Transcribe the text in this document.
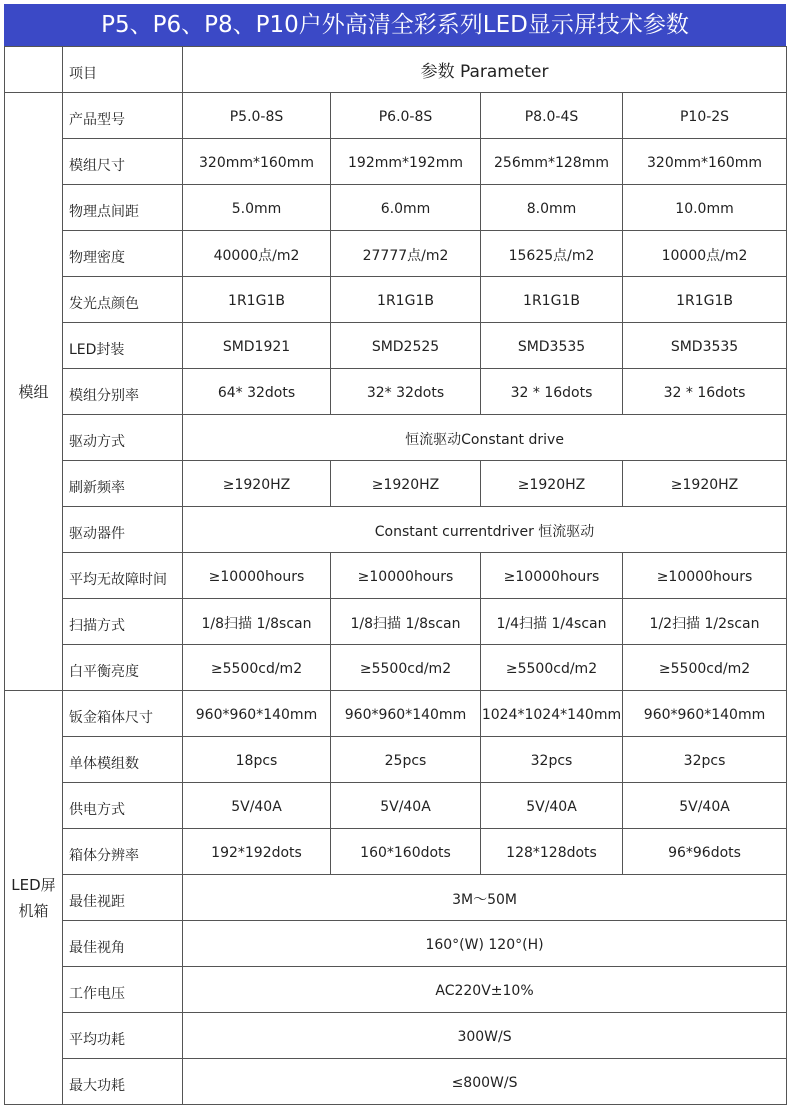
P5、P6、P8、P10户外高清全彩系列LED显示屏技术参数
	项目	参数 Parameter			
模组	产品型号	P5.0-8S	P6.0-8S	P8.0-4S	P10-2S
	模组尺寸	320mm*160mm	192mm*192mm	256mm*128mm	320mm*160mm
	物理点间距	5.0mm	6.0mm	8.0mm	10.0mm
	物理密度	40000点/m2	27777点/m2	15625点/m2	10000点/m2
	发光点颜色	1R1G1B	1R1G1B	1R1G1B	1R1G1B
	LED封装	SMD1921	SMD2525	SMD3535	SMD3535
	模组分别率	64* 32dots	32* 32dots	32 * 16dots	32 * 16dots
	驱动方式	恒流驱动Constant drive			
	刷新频率	≥1920HZ	≥1920HZ	≥1920HZ	≥1920HZ
	驱动器件	Constant currentdriver 恒流驱动			
	平均无故障时间	≥10000hours	≥10000hours	≥10000hours	≥10000hours
	扫描方式	1/8扫描 1/8scan	1/8扫描 1/8scan	1/4扫描 1/4scan	1/2扫描 1/2scan
	白平衡亮度	≥5500cd/m2	≥5500cd/m2	≥5500cd/m2	≥5500cd/m2

LED屏
机箱	钣金箱体尺寸	960*960*140mm	960*960*140mm	1024*1024*140mm	960*960*140mm
	单体模组数	18pcs	25pcs	32pcs	32pcs
	供电方式	5V/40A	5V/40A	5V/40A	5V/40A
	箱体分辨率	192*192dots	160*160dots	128*128dots	96*96dots
	最佳视距	3M～50M			
	最佳视角	160°(W) 120°(H)			
	工作电压	AC220V±10%			
	平均功耗	300W/S			
	最大功耗	≤800W/S			
